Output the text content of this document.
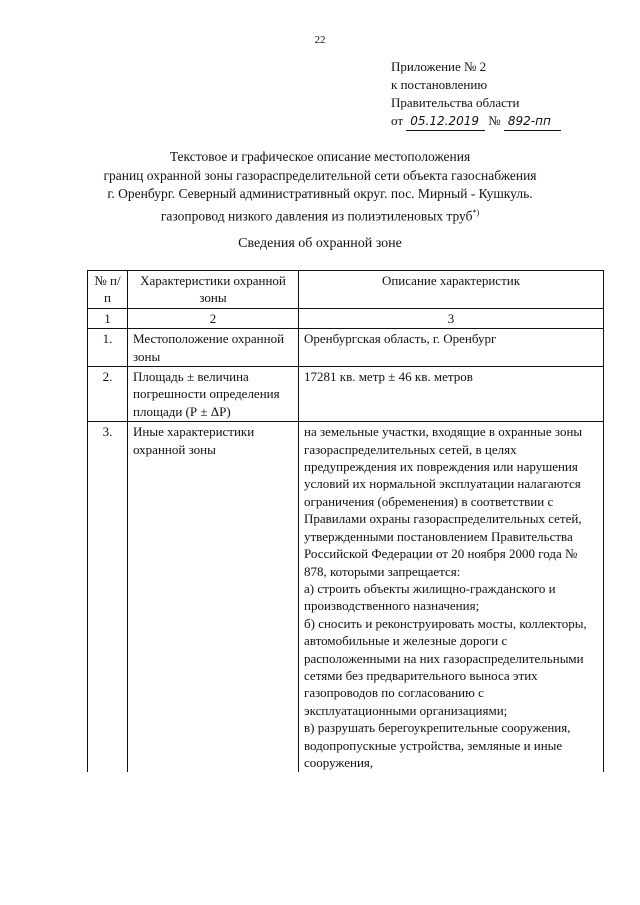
22
Приложение № 2
к постановлению
Правительства области
от 05.12.2019 № 892-пп
Текстовое и графическое описание местоположения
границ охранной зоны газораспределительной сети объекта газоснабжения
г. Оренбург. Северный административный округ. пос. Мирный - Кушкуль.
газопровод низкого давления из полиэтиленовых труб*)
Сведения об охранной зоне
№ п/п	Характеристики охранной зоны	Описание характеристик
1	2	3
1.	Местоположение охранной зоны	Оренбургская область, г. Оренбург
2.	Площадь ± величина погрешности определения площади (Р ± ΔР)	17281 кв. метр ± 46 кв. метров
3.	Иные характеристики охранной зоны	на земельные участки, входящие в охранные зоны газораспределительных сетей, в целях предупреждения их повреждения или нарушения условий их нормальной эксплуатации налагаются ограничения (обременения) в соответствии с Правилами охраны газораспределительных сетей, утвержденными постановлением Правительства Российской Федерации от 20 ноября 2000 года № 878, которыми запрещается:

а) строить объекты жилищно-гражданского и производственного назначения;

б) сносить и реконструировать мосты, коллекторы, автомобильные и железные дороги с расположенными на них газораспределительными сетями без предварительного выноса этих газопроводов по согласованию с эксплуатационными организациями;

в) разрушать берегоукрепительные сооружения, водопропускные устройства, земляные и иные сооружения,
